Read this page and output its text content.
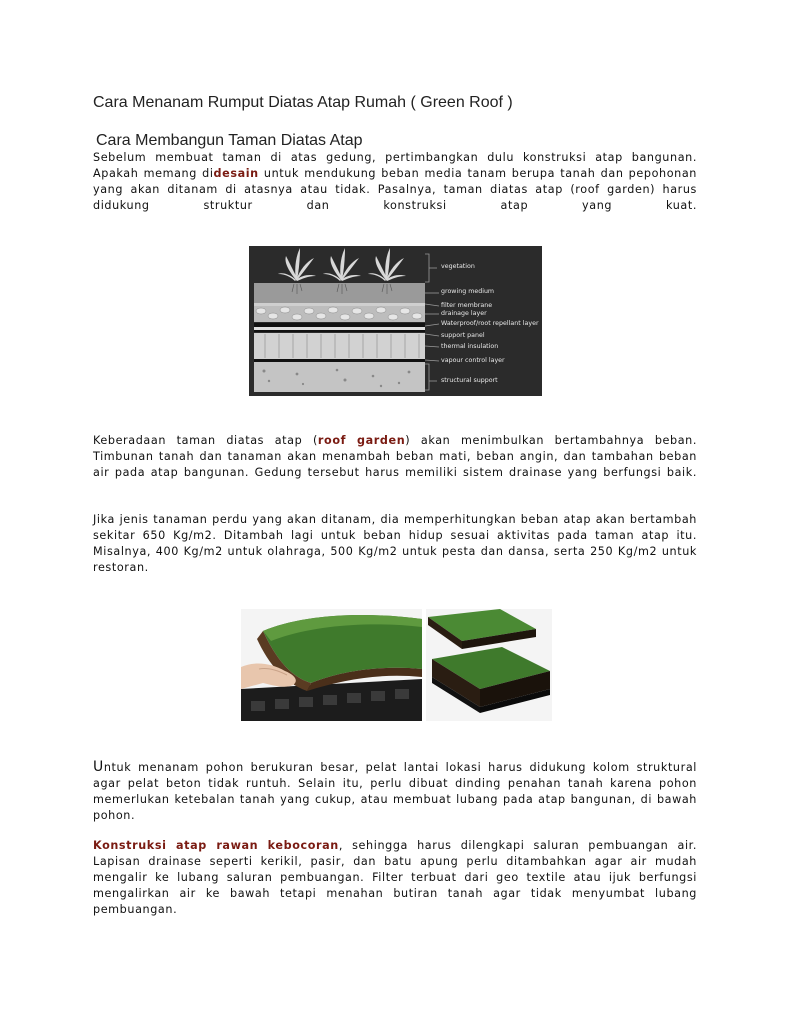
Cara Menanam Rumput Diatas Atap Rumah ( Green Roof )
Cara Membangun Taman Diatas Atap
Sebelum membuat taman di atas gedung, pertimbangkan dulu konstruksi atap bangunan. Apakah memang didesain untuk mendukung beban media tanam berupa tanah dan pepohonan yang akan ditanam di atasnya atau tidak. Pasalnya, taman diatas atap (roof garden) harus didukung struktur dan konstruksi atap yang kuat.
vegetation
growing medium
filter membrane
drainage layer
Waterproof/root repellant layer
support panel
thermal insulation
vapour control layer
structural support
Keberadaan taman diatas atap (roof garden) akan menimbulkan bertambahnya beban. Timbunan tanah dan tanaman akan menambah beban mati, beban angin, dan tambahan beban air pada atap bangunan. Gedung tersebut harus memiliki sistem drainase yang berfungsi baik.
Jika jenis tanaman perdu yang akan ditanam, dia memperhitungkan beban atap akan bertambah sekitar 650 Kg/m2. Ditambah lagi untuk beban hidup sesuai aktivitas pada taman atap itu. Misalnya, 400 Kg/m2 untuk olahraga, 500 Kg/m2 untuk pesta dan dansa, serta 250 Kg/m2 untuk restoran.
Untuk menanam pohon berukuran besar, pelat lantai lokasi harus didukung kolom struktural agar pelat beton tidak runtuh. Selain itu, perlu dibuat dinding penahan tanah karena pohon memerlukan ketebalan tanah yang cukup, atau membuat lubang pada atap bangunan, di bawah pohon.
Konstruksi atap rawan kebocoran, sehingga harus dilengkapi saluran pembuangan air. Lapisan drainase seperti kerikil, pasir, dan batu apung perlu ditambahkan agar air mudah mengalir ke lubang saluran pembuangan. Filter terbuat dari geo textile atau ijuk berfungsi mengalirkan air ke bawah tetapi menahan butiran tanah agar tidak menyumbat lubang pembuangan.
